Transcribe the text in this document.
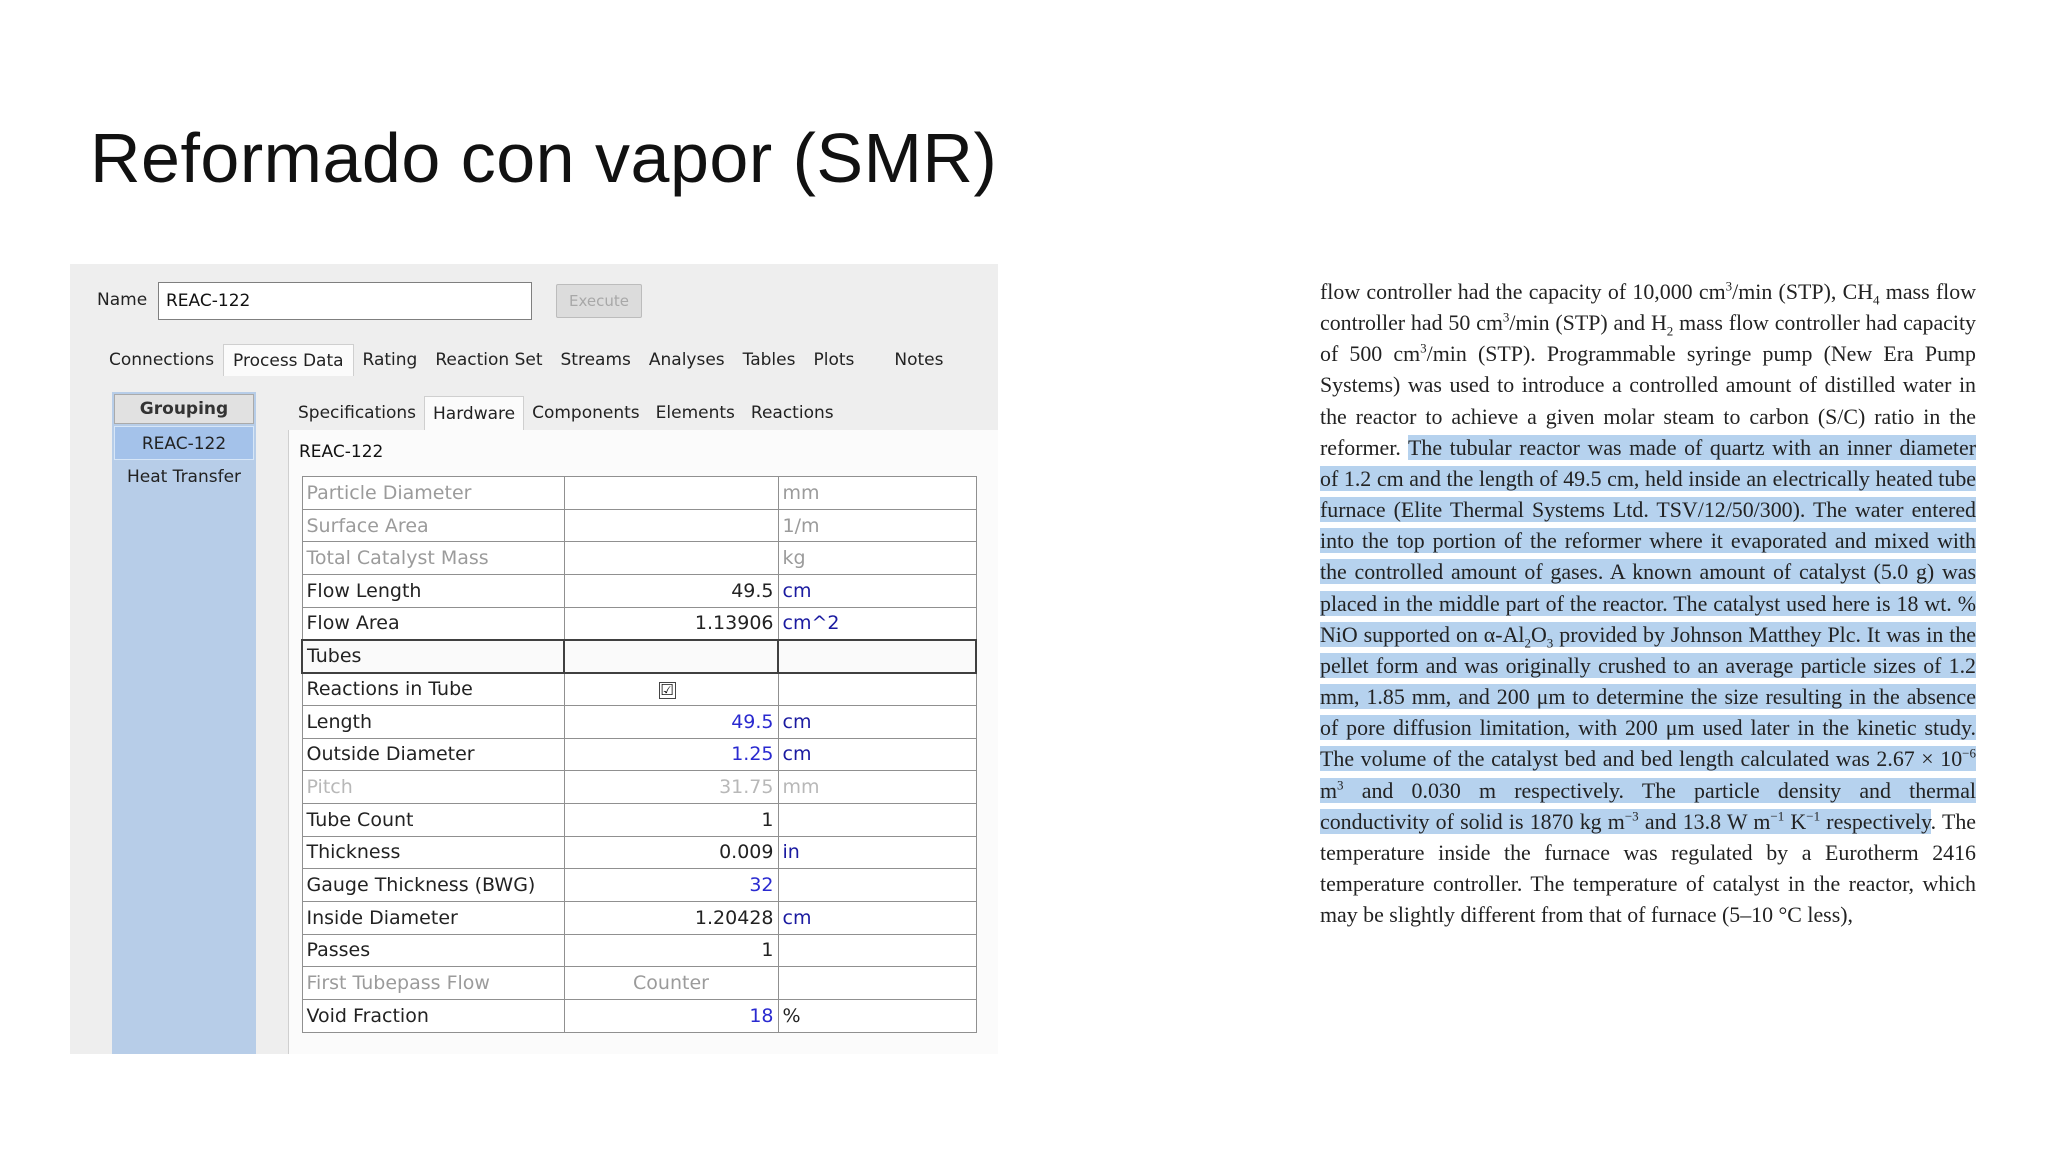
Reformado con vapor (SMR)
Name	REAC-122	Execute
Connections	Process Data	Rating	Reaction Set	Streams	Analyses	Tables	Plots	Notes
Grouping
REAC-122
Heat Transfer
Specifications	Hardware	Components Elements Reactions
REAC-122
Particle Diameter		mm
Surface Area		1/m
Total Catalyst Mass		kg
Flow Length	49.5	cm
Flow Area	1.13906	cm^2
Tubes		
Reactions in Tube	☑	
Length	49.5	cm
Outside Diameter	1.25	cm
Pitch	31.75	mm
Tube Count	1	
Thickness	0.009	in
Gauge Thickness (BWG)	32	
Inside Diameter	1.20428	cm
Passes	1	
First Tubepass Flow	Counter	
Void Fraction	18	%
flow controller had the capacity of 10,000 $cm^3/\min$ (STP), $CH_4$ mass flow controller had 50 $cm^3/\min$ (STP) and $H_2$ mass flow controller had capacity of 500 $cm^3/\min$ (STP). Programmable syringe pump (New Era Pump Systems) was used to introduce a controlled amount of distilled water in the reactor to achieve a given molar steam to carbon (S/C) ratio in the reformer. The tubular reactor was made of quartz with an inner diameter of 1.2 cm and the length of 49.5 cm, held inside an electrically heated tube furnace (Elite Thermal Systems Ltd. TSV/12/50/300). The water entered into the top portion of the reformer where it evaporated and mixed with the controlled amount of gases. A known amount of catalyst (5.0 g) was placed in the middle part of the reactor. The catalyst used here is 18 wt. % NiO supported on $\alpha-Al_2O_3$ provided by Johnson Matthey Plc. It was in the pellet form and was originally crushed to an average particle sizes of 1.2 mm, 1.85 mm, and 200 μm to determine the size resulting in the absence of pore diffusion limitation, with 200 μm used later in the kinetic study. The volume of the catalyst bed and bed length calculated was $2.67 \times 10^{-6}$ $m^3$ and 0.030 m respectively. The particle density and thermal conductivity of solid is 1870 kg $m^{-3}$ and 13.8 W $m^{-1}$ $K^{-1}$ respectively. The temperature inside the furnace was regulated by a Eurotherm 2416 temperature controller. The temperature of catalyst in the reactor, which may be slightly different from that of furnace (5–10 °C less),
